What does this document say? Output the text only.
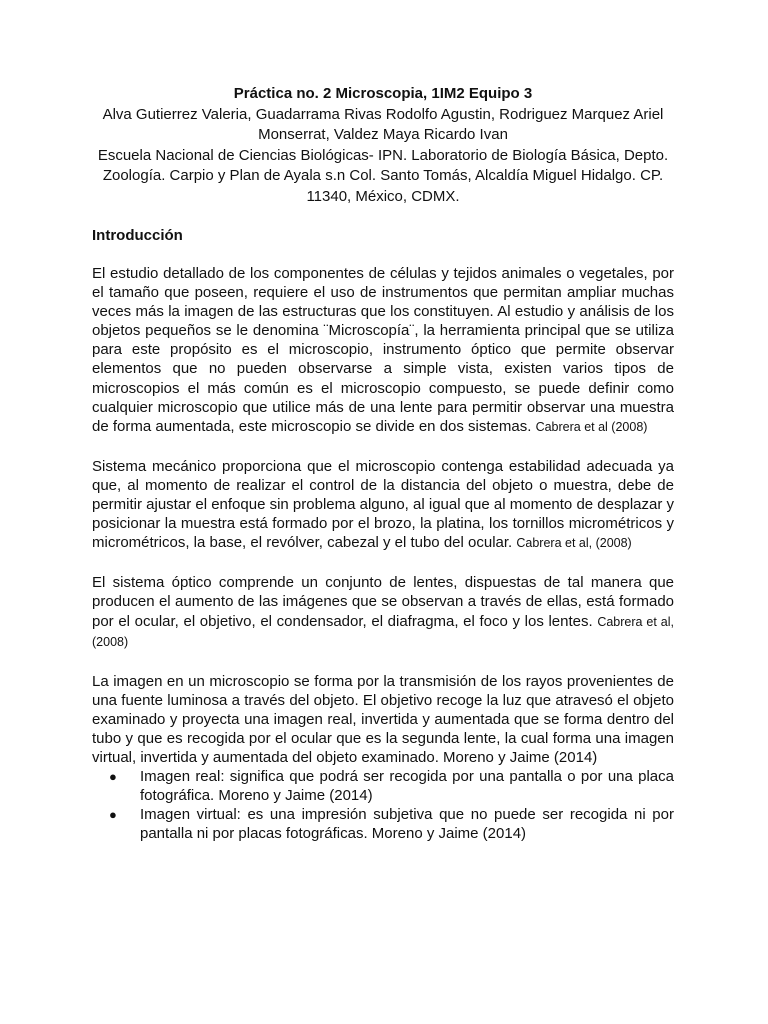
Práctica no. 2 Microscopia, 1IM2 Equipo 3
Alva Gutierrez Valeria, Guadarrama Rivas Rodolfo Agustin, Rodriguez Marquez Ariel Monserrat, Valdez Maya Ricardo Ivan
Escuela Nacional de Ciencias Biológicas- IPN. Laboratorio de Biología Básica, Depto. Zoología. Carpio y Plan de Ayala s.n Col. Santo Tomás, Alcaldía Miguel Hidalgo. CP. 11340, México, CDMX.
Introducción

El estudio detallado de los componentes de células y tejidos animales o vegetales, por el tamaño que poseen, requiere el uso de instrumentos que permitan ampliar muchas veces más la imagen de las estructuras que los constituyen. Al estudio y análisis de los objetos pequeños se le denomina ¨Microscopía¨, la herramienta principal que se utiliza para este propósito es el microscopio, instrumento óptico que permite observar elementos que no pueden observarse a simple vista, existen varios tipos de microscopios el más común es el microscopio compuesto, se puede definir como cualquier microscopio que utilice más de una lente para permitir observar una muestra de forma aumentada, este microscopio se divide en dos sistemas. Cabrera et al (2008)

Sistema mecánico proporciona que el microscopio contenga estabilidad adecuada ya que, al momento de realizar el control de la distancia del objeto o muestra, debe de permitir ajustar el enfoque sin problema alguno, al igual que al momento de desplazar y posicionar la muestra está formado por el brozo, la platina, los tornillos micrométricos y micrométricos, la base, el revólver, cabezal y el tubo del ocular. Cabrera et al, (2008)

El sistema óptico comprende un conjunto de lentes, dispuestas de tal manera que producen el aumento de las imágenes que se observan a través de ellas, está formado por el ocular, el objetivo, el condensador, el diafragma, el foco y los lentes. Cabrera et al,(2008)

La imagen en un microscopio se forma por la transmisión de los rayos provenientes de una fuente luminosa a través del objeto. El objetivo recoge la luz que atravesó el objeto examinado y proyecta una imagen real, invertida y aumentada que se forma dentro del tubo y que es recogida por el ocular que es la segunda lente, la cual forma una imagen virtual, invertida y aumentada del objeto examinado. Moreno y Jaime (2014)

● Imagen real: significa que podrá ser recogida por una pantalla o por una placa fotográfica. Moreno y Jaime (2014)
● Imagen virtual: es una impresión subjetiva que no puede ser recogida ni por pantalla ni por placas fotográficas. Moreno y Jaime (2014)
